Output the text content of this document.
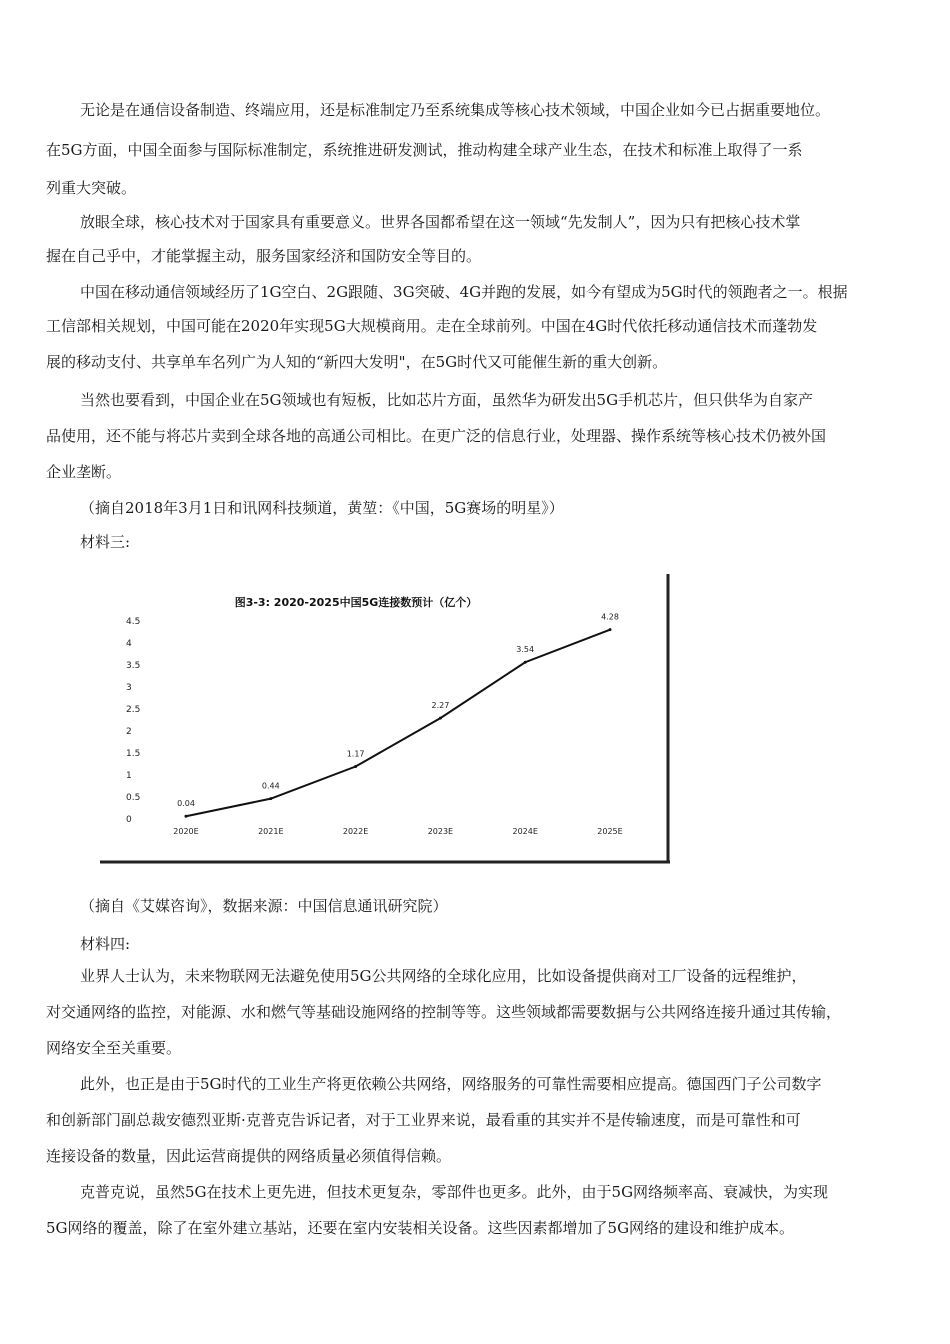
无论是在通信设备制造、终端应用，还是标准制定乃至系统集成等核心技术领域，中国企业如今已占据重要地位。
在5G方面，中国全面参与国际标准制定，系统推进研发测试，推动构建全球产业生态，在技术和标准上取得了一系
列重大突破。
放眼全球，核心技术对于国家具有重要意义。世界各国都希望在这一领域“先发制人”，因为只有把核心技术掌
握在自己乎中，才能掌握主动，服务国家经济和国防安全等目的。
中国在移动通信领域经历了1G空白、2G跟随、3G突破、4G并跑的发展，如今有望成为5G时代的领跑者之一。根据
工信部相关规划，中国可能在2020年实现5G大规模商用。走在全球前列。中国在4G时代依托移动通信技术而蓬勃发
展的移动支付、共享单车名列广为人知的“新四大发明"，在5G时代又可能催生新的重大创新。
当然也要看到，中国企业在5G领域也有短板，比如芯片方面，虽然华为研发出5G手机芯片，但只供华为自家产
品使用，还不能与将芯片卖到全球各地的高通公司相比。在更广泛的信息行业，处理器、操作系统等核心技术仍被外国
企业垄断。
（摘自2018年3月1日和讯网科技频道，黄堃：《中国，5G赛场的明星》）
材料三:
图3-3: 2020-2025中国5G连接数预计（亿个）
4.5
4
3.5
3
2.5
2
1.5
1
0.5
0
2020E	2021E	2022E	2023E	2024E	2025E
0.04
0.44
1.17
2.27
3.54
4.28
（摘自《艾媒咨询》，数据来源：中国信息通讯研究院）
材料四:
业界人士认为，未来物联网无法避免使用5G公共网络的全球化应用，比如设备提供商对工厂设备的远程维护，
对交通网络的监控，对能源、水和燃气等基础设施网络的控制等等。这些领域都需要数据与公共网络连接升通过其传输，
网络安全至关重要。
此外，也正是由于5G时代的工业生产将更依赖公共网络，网络服务的可靠性需要相应提高。德国西门子公司数字
和创新部门副总裁安德烈亚斯·克普克告诉记者，对于工业界来说，最看重的其实并不是传输速度，而是可靠性和可
连接设备的数量，因此运营商提供的网络质量必须值得信赖。
克普克说，虽然5G在技术上更先进，但技术更复杂，零部件也更多。此外，由于5G网络频率高、衰减快，为实现
5G网络的覆盖，除了在室外建立基站，还要在室内安装相关设备。这些因素都增加了5G网络的建设和维护成本。
